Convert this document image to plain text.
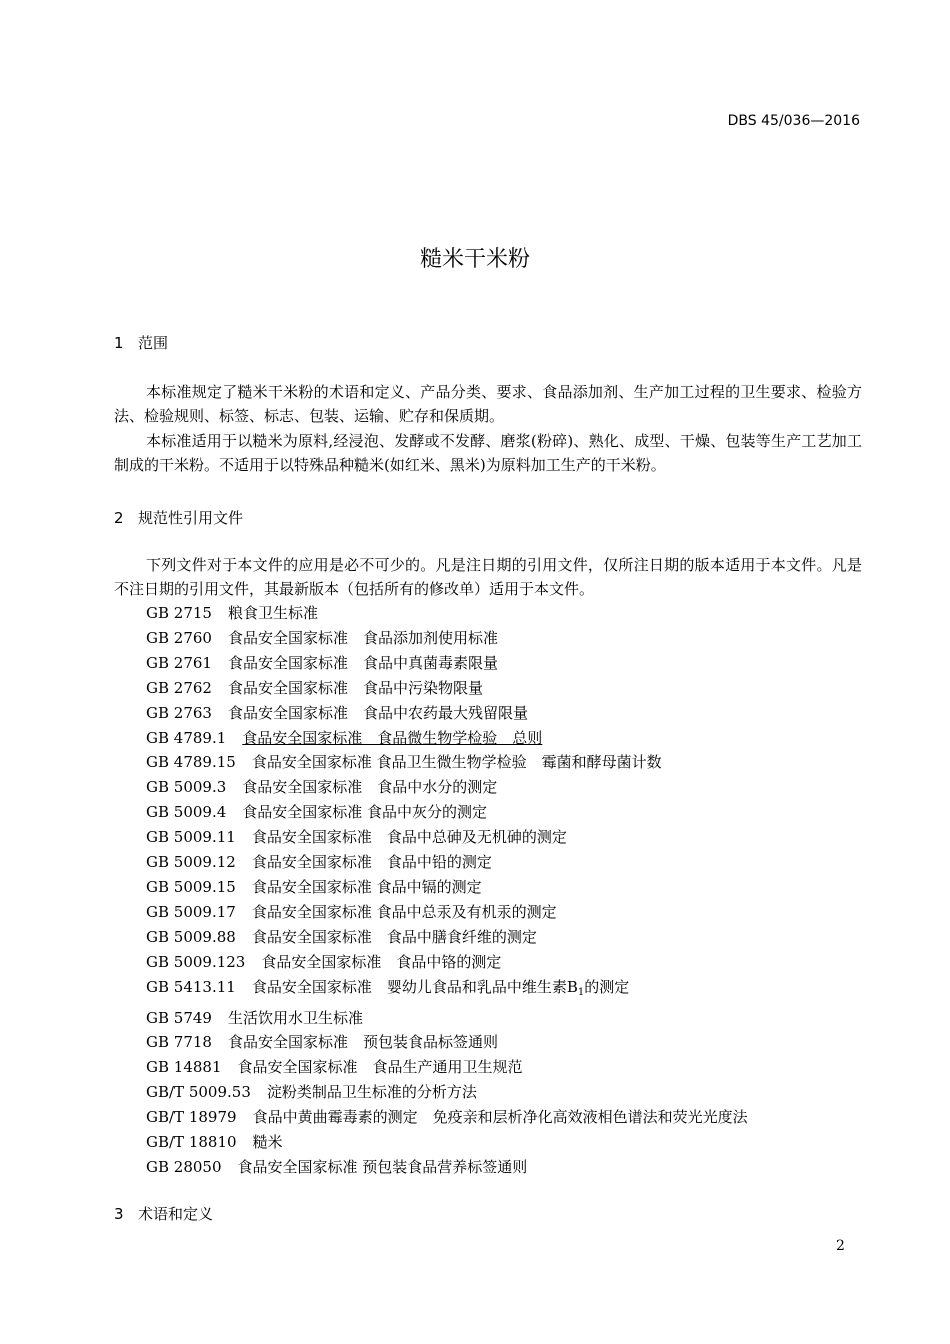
DBS 45/036—2016
糙米干米粉
1 范围

本标准规定了糙米干米粉的术语和定义、产品分类、要求、食品添加剂、生产加工过程的卫生要求、检验方法、检验规则、标签、标志、包装、运输、贮存和保质期。

本标准适用于以糙米为原料,经浸泡、发酵或不发酵、磨浆(粉碎)、熟化、成型、干燥、包装等生产工艺加工制成的干米粉。不适用于以特殊品种糙米(如红米、黑米)为原料加工生产的干米粉。

2 规范性引用文件

下列文件对于本文件的应用是必不可少的。凡是注日期的引用文件，仅所注日期的版本适用于本文件。凡是不注日期的引用文件，其最新版本（包括所有的修改单）适用于本文件。

GB 2715 粮食卫生标准
GB 2760 食品安全国家标准　食品添加剂使用标准
GB 2761 食品安全国家标准　食品中真菌毒素限量
GB 2762 食品安全国家标准　食品中污染物限量
GB 2763 食品安全国家标准　食品中农药最大残留限量
GB 4789.1 食品安全国家标准　食品微生物学检验　总则
GB 4789.15 食品安全国家标准 食品卫生微生物学检验　霉菌和酵母菌计数
GB 5009.3 食品安全国家标准　食品中水分的测定
GB 5009.4 食品安全国家标准 食品中灰分的测定
GB 5009.11 食品安全国家标准　食品中总砷及无机砷的测定
GB 5009.12 食品安全国家标准　食品中铅的测定
GB 5009.15 食品安全国家标准 食品中镉的测定
GB 5009.17 食品安全国家标准 食品中总汞及有机汞的测定
GB 5009.88 食品安全国家标准　食品中膳食纤维的测定
GB 5009.123 食品安全国家标准　食品中铬的测定
GB 5413.11 食品安全国家标准　婴幼儿食品和乳品中维生素$B_1$的测定
GB 5749 生活饮用水卫生标准
GB 7718 食品安全国家标准　预包装食品标签通则
GB 14881 食品安全国家标准　食品生产通用卫生规范
GB/T 5009.53 淀粉类制品卫生标准的分析方法
GB/T 18979 食品中黄曲霉毒素的测定　免疫亲和层析净化高效液相色谱法和荧光光度法
GB/T 18810 糙米
GB 28050 食品安全国家标准 预包装食品营养标签通则
3 术语和定义
2
